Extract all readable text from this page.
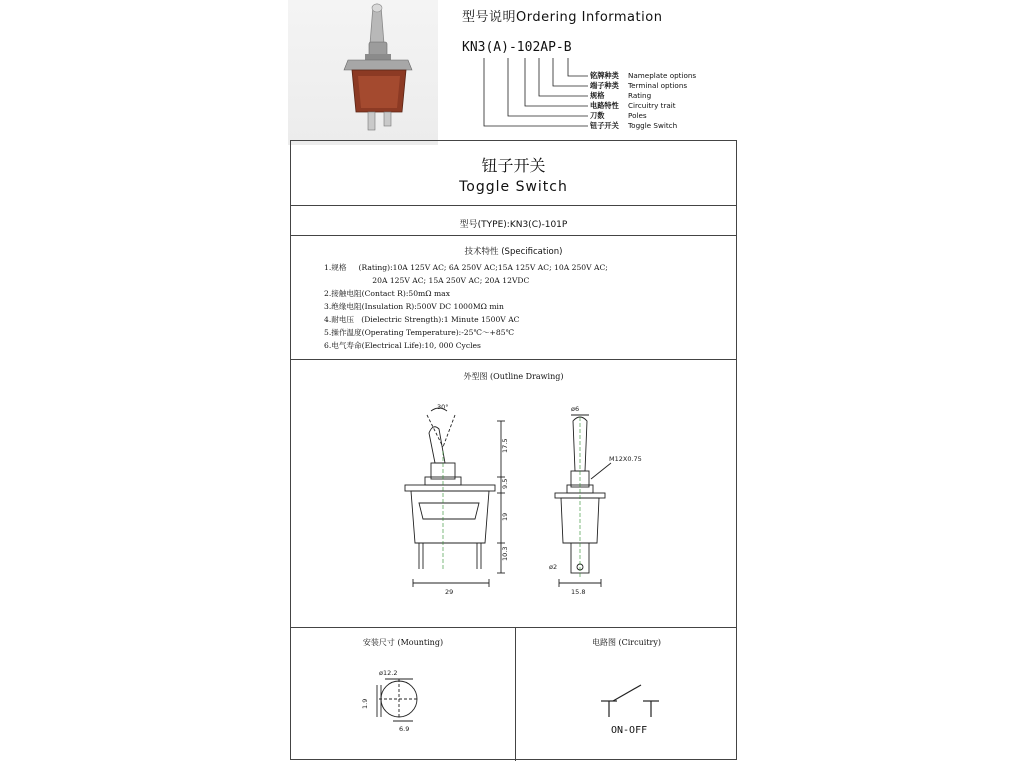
型号说明Ordering Information
KN3(A)-102AP-B
铭牌种类 Nameplate options
端子种类 Terminal options
规格	Rating
电路特性 Circuitry trait
刀数	Poles
钮子开关 Toggle Switch
钮子开关
Toggle Switch
型号(TYPE):KN3(C)-101P
技术特性 (Specification)
1.规格     (Rating):10A 125V AC; 6A 250V AC;15A 125V AC; 10A 250V AC;
20A 125V AC; 15A 250V AC; 20A 12VDC
2.接触电阻(Contact R):50mΩ max
3.绝缘电阻(Insulation R):500V DC 1000MΩ min
4.耐电压   (Dielectric Strength):1 Minute 1500V AC
5.操作温度(Operating Temperature):-25℃～+85℃
6.电气寿命(Electrical Life):10, 000 Cycles
外型图 (Outline Drawing)
30°
17.5
9.5
19
10.3
29
ø6
M12X0.75
ø2
15.8
安装尺寸 (Mounting)	电路图 (Circuitry)
ø12.2
1.9
6.9	ON-OFF
